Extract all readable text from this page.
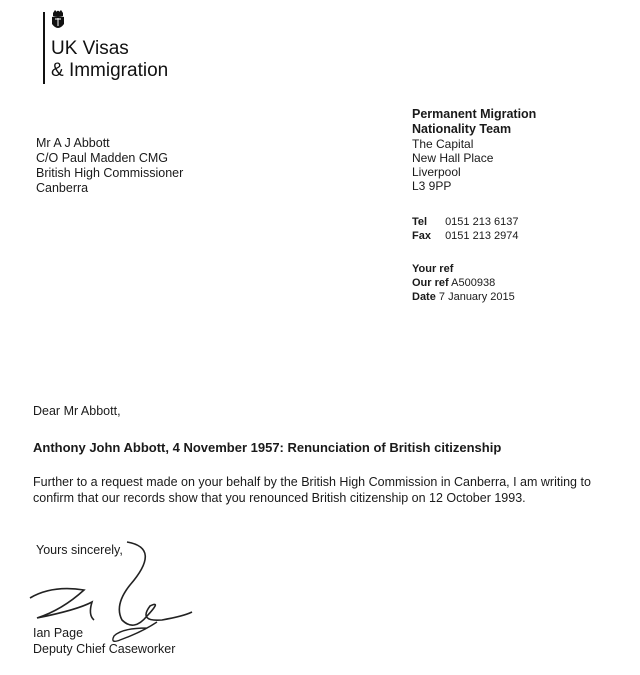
UK Visas
& Immigration
Mr A J Abbott
C/O Paul Madden CMG
British High Commissioner
Canberra
Permanent Migration
Nationality Team
The Capital
New Hall Place
Liverpool
L3 9PP
Tel 0151 213 6137
Fax 0151 213 2974
Your ref
Our ref A500938
Date 7 January 2015
Dear Mr Abbott,
Anthony John Abbott, 4 November 1957: Renunciation of British citizenship
Further to a request made on your behalf by the British High Commission in Canberra, I am writing to confirm that our records show that you renounced British citizenship on 12 October 1993.
Yours sincerely,
Ian Page
Deputy Chief Caseworker
